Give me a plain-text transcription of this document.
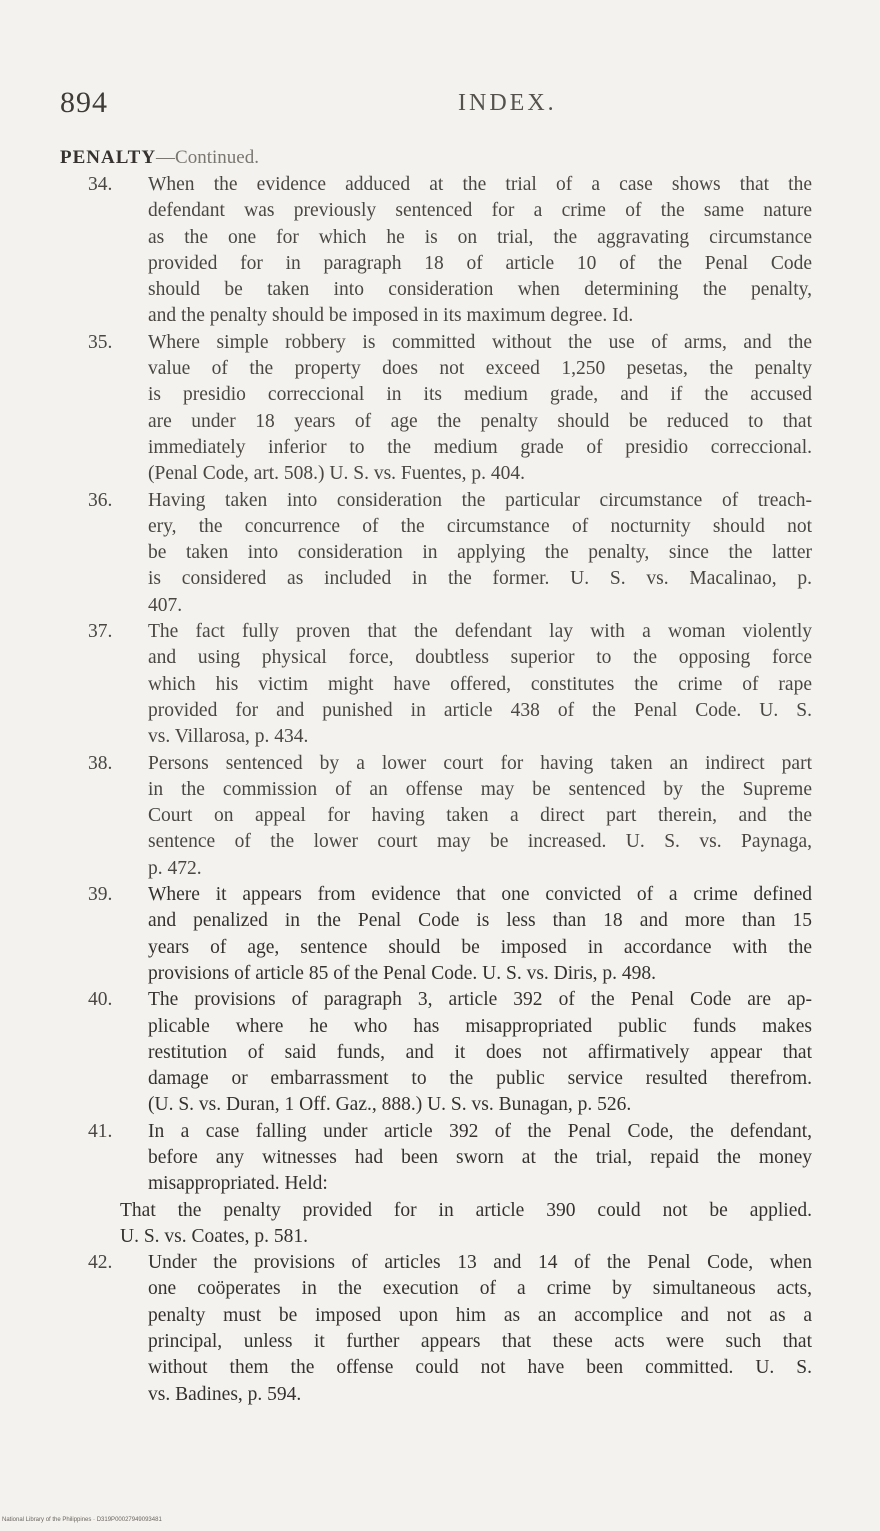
894	INDEX.
PENALTY—Continued.
34.	When the evidence adduced at the trial of a case shows that the
defendant was previously sentenced for a crime of the same nature
as the one for which he is on trial, the aggravating circumstance
provided for in paragraph 18 of article 10 of the Penal Code
should be taken into consideration when determining the penalty,
and the penalty should be imposed in its maximum degree. Id.
35.	Where simple robbery is committed without the use of arms, and the
value of the property does not exceed 1,250 pesetas, the penalty
is presidio correccional in its medium grade, and if the accused
are under 18 years of age the penalty should be reduced to that
immediately inferior to the medium grade of presidio correccional.
(Penal Code, art. 508.) U. S. vs. Fuentes, p. 404.
36.	Having taken into consideration the particular circumstance of treach-
ery, the concurrence of the circumstance of nocturnity should not
be taken into consideration in applying the penalty, since the latter
is considered as included in the former. U. S. vs. Macalinao, p.
407.
37.	The fact fully proven that the defendant lay with a woman violently
and using physical force, doubtless superior to the opposing force
which his victim might have offered, constitutes the crime of rape
provided for and punished in article 438 of the Penal Code. U. S.
vs. Villarosa, p. 434.
38.	Persons sentenced by a lower court for having taken an indirect part
in the commission of an offense may be sentenced by the Supreme
Court on appeal for having taken a direct part therein, and the
sentence of the lower court may be increased. U. S. vs. Paynaga,
p. 472.
39.	Where it appears from evidence that one convicted of a crime defined
and penalized in the Penal Code is less than 18 and more than 15
years of age, sentence should be imposed in accordance with the
provisions of article 85 of the Penal Code. U. S. vs. Diris, p. 498.
40.	The provisions of paragraph 3, article 392 of the Penal Code are ap-
plicable where he who has misappropriated public funds makes
restitution of said funds, and it does not affirmatively appear that
damage or embarrassment to the public service resulted therefrom.
(U. S. vs. Duran, 1 Off. Gaz., 888.) U. S. vs. Bunagan, p. 526.
41.	In a case falling under article 392 of the Penal Code, the defendant,
before any witnesses had been sworn at the trial, repaid the money
misappropriated. Held:
That the penalty provided for in article 390 could not be applied.
U. S. vs. Coates, p. 581.
42.	Under the provisions of articles 13 and 14 of the Penal Code, when
one coöperates in the execution of a crime by simultaneous acts,
penalty must be imposed upon him as an accomplice and not as a
principal, unless it further appears that these acts were such that
without them the offense could not have been committed. U. S.
vs. Badines, p. 594.
National Library of the Philippines · D319P00027949093481
